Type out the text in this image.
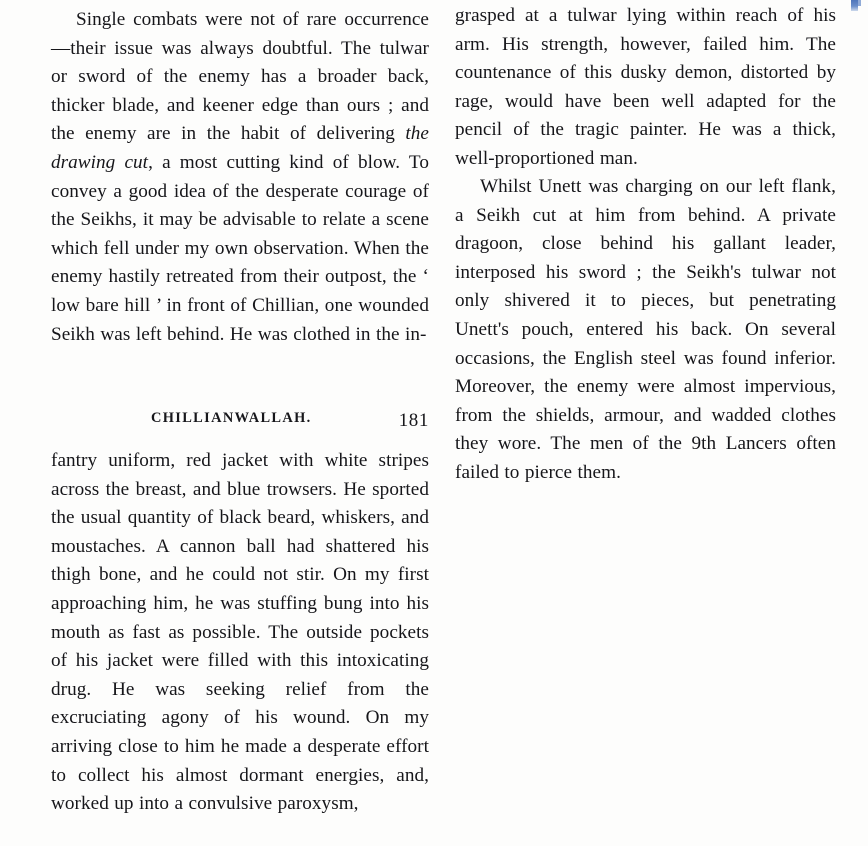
Single combats were not of rare occurrence —their issue was always doubtful. The tulwar or sword of the enemy has a broader back, thicker blade, and keener edge than ours ; and the enemy are in the habit of delivering the drawing cut, a most cutting kind of blow. To convey a good idea of the desperate courage of the Seikhs, it may be advisable to relate a scene which fell under my own observation. When the enemy hastily retreated from their outpost, the ‘ low bare hill ’ in front of Chillian, one wounded Seikh was left behind. He was clothed in the in-

fantry uniform, red jacket with white stripes across the breast, and blue trowsers. He sported the usual quantity of black beard, whiskers, and moustaches. A cannon ball had shattered his thigh bone, and he could not stir. On my first approaching him, he was stuffing bung into his mouth as fast as possible. The outside pockets of his jacket were filled with this intoxicating drug. He was seeking relief from the excruciating agony of his wound. On my arriving close to him he made a desperate effort to collect his almost dormant energies, and, worked up into a convulsive paroxysm,

CHILLIANWALLAH.	181

grasped at a tulwar lying within reach of his arm. His strength, however, failed him. The countenance of this dusky demon, distorted by rage, would have been well adapted for the pencil of the tragic painter. He was a thick, well-proportioned man.

Whilst Unett was charging on our left flank, a Seikh cut at him from behind. A private dragoon, close behind his gallant leader, interposed his sword ; the Seikh's tulwar not only shivered it to pieces, but penetrating Unett's pouch, entered his back. On several occasions, the English steel was found inferior. Moreover, the enemy were almost impervious, from the shields, armour, and wadded clothes they wore. The men of the 9th Lancers often failed to pierce them.
